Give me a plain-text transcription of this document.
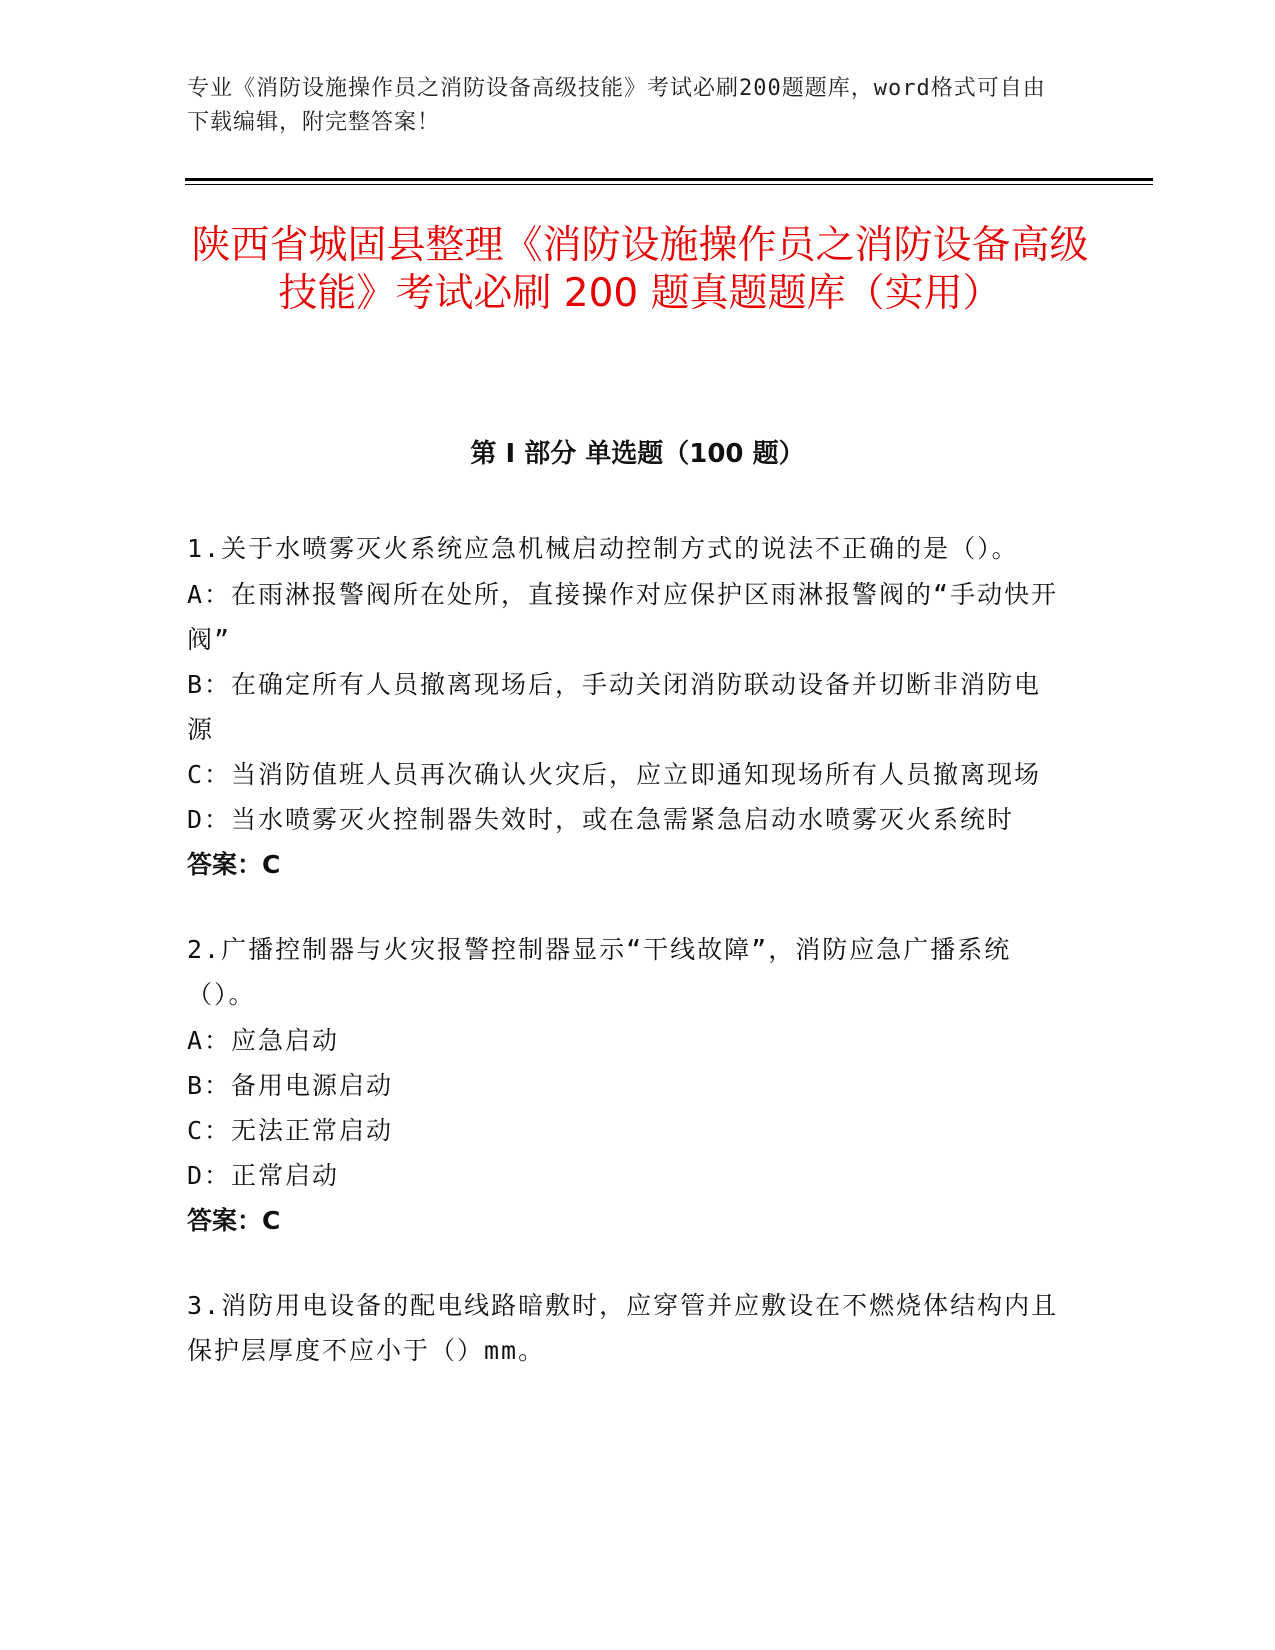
专业《消防设施操作员之消防设备高级技能》考试必刷200题题库，word格式可自由下载编辑，附完整答案！
陕西省城固县整理《消防设施操作员之消防设备高级技能》考试必刷 200 题真题题库（实用）
第 I 部分 单选题（100 题）
1.关于水喷雾灭火系统应急机械启动控制方式的说法不正确的是（）。
A：在雨淋报警阀所在处所，直接操作对应保护区雨淋报警阀的“手动快开阀”
B：在确定所有人员撤离现场后，手动关闭消防联动设备并切断非消防电源
C：当消防值班人员再次确认火灾后，应立即通知现场所有人员撤离现场
D：当水喷雾灭火控制器失效时，或在急需紧急启动水喷雾灭火系统时
答案：C
2.广播控制器与火灾报警控制器显示“干线故障”，消防应急广播系统（）。
A：应急启动
B：备用电源启动
C：无法正常启动
D：正常启动
答案：C
3.消防用电设备的配电线路暗敷时，应穿管并应敷设在不燃烧体结构内且保护层厚度不应小于（）mm。
